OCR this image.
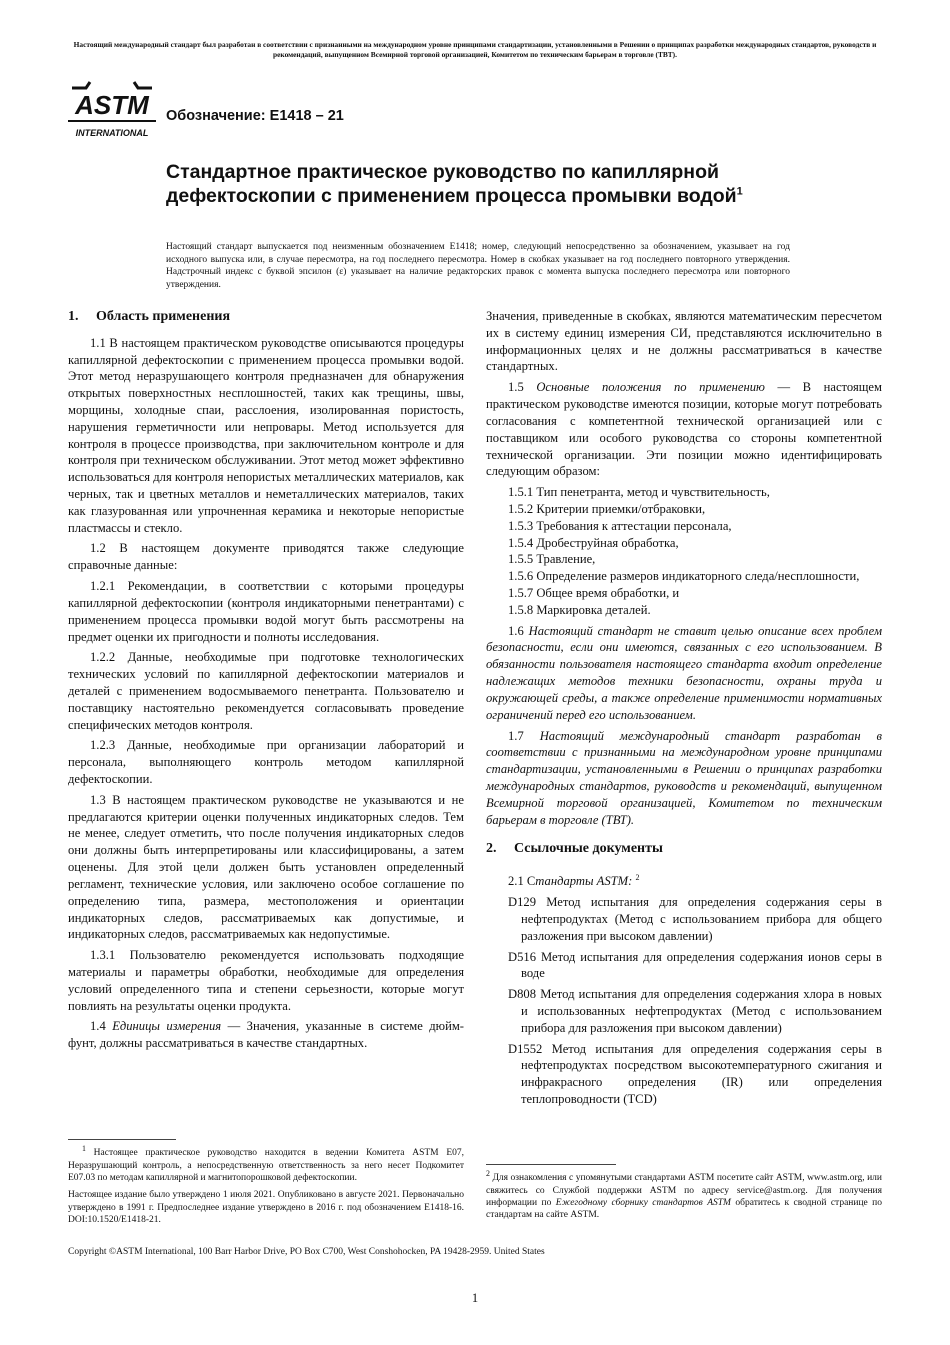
Настоящий международный стандарт был разработан в соответствии с признанными на международном уровне принципами стандартизации, установленными в Решении о принципах разработки международных стандартов, руководств и рекомендаций, выпущенном Всемирной торговой организацией, Комитетом по техническим барьерам в торговле (ТВТ).
ASTM
INTERNATIONAL
Обозначение: E1418 – 21
Стандартное практическое руководство по капиллярной дефектоскопии с применением процесса промывки водой$^1$

Настоящий стандарт выпускается под неизменным обозначением E1418; номер, следующий непосредственно за обозначением, указывает на год исходного выпуска или, в случае пересмотра, на год последнего пересмотра. Номер в скобках указывает на год последнего повторного утверждения. Надстрочный индекс с буквой эпсилон (ε) указывает на наличие редакторских правок с момента выпуска последнего пересмотра или повторного утверждения.

1. Область применения

1.1 В настоящем практическом руководстве описываются процедуры капиллярной дефектоскопии с применением процесса промывки водой. Этот метод неразрушающего контроля предназначен для обнаружения открытых поверхностных несплошностей, таких как трещины, швы, морщины, холодные спаи, расслоения, изолированная пористость, нарушения герметичности или непровары. Метод используется для контроля в процессе производства, при заключительном контроле и для контроля при техническом обслуживании. Этот метод может эффективно использоваться для контроля непористых металлических материалов, как черных, так и цветных металлов и неметаллических материалов, таких как глазурованная или упрочненная керамика и некоторые непористые пластмассы и стекло.

1.2 В настоящем документе приводятся также следующие справочные данные:

1.2.1 Рекомендации, в соответствии с которыми процедуры капиллярной дефектоскопии (контроля индикаторными пенетрантами) с применением процесса промывки водой могут быть рассмотрены на предмет оценки их пригодности и полноты исследования.

1.2.2 Данные, необходимые при подготовке технологических технических условий по капиллярной дефектоскопии материалов и деталей с применением водосмываемого пенетранта. Пользователю и поставщику настоятельно рекомендуется согласовывать проведение специфических методов контроля.

1.2.3 Данные, необходимые при организации лабораторий и персонала, выполняющего контроль методом капиллярной дефектоскопии.

1.3 В настоящем практическом руководстве не указываются и не предлагаются критерии оценки полученных индикаторных следов. Тем не менее, следует отметить, что после получения индикаторных следов они должны быть интерпретированы или классифицированы, а затем оценены. Для этой цели должен быть установлен определенный регламент, технические условия, или заключено особое соглашение по определению типа, размера, местоположения и ориентации индикаторных следов, рассматриваемых как допустимые, и индикаторных следов, рассматриваемых как недопустимые.

1.3.1 Пользователю рекомендуется использовать подходящие материалы и параметры обработки, необходимые для определения условий определенного типа и степени серьезности, которые могут повлиять на результаты оценки продукта.

1.4 Единицы измерения — Значения, указанные в системе дюйм-фунт, должны рассматриваться в качестве стандартных.

Значения, приведенные в скобках, являются математическим пересчетом их в систему единиц измерения СИ, представляются исключительно в информационных целях и не должны рассматриваться в качестве стандартных.

1.5 Основные положения по применению — В настоящем практическом руководстве имеются позиции, которые могут потребовать согласования с компетентной технической организацией или с поставщиком или особого руководства со стороны компетентной технической организации. Эти позиции можно идентифицировать следующим образом:

1.5.1 Тип пенетранта, метод и чувствительность,

1.5.2 Критерии приемки/отбраковки,

1.5.3 Требования к аттестации персонала,

1.5.4 Дробеструйная обработка,

1.5.5 Травление,

1.5.6 Определение размеров индикаторного следа/несплошности,

1.5.7 Общее время обработки, и

1.5.8 Маркировка деталей.

1.6 Настоящий стандарт не ставит целью описание всех проблем безопасности, если они имеются, связанных с его использованием. В обязанности пользователя настоящего стандарта входит определение надлежащих методов техники безопасности, охраны труда и окружающей среды, а также определение применимости нормативных ограничений перед его использованием.

1.7 Настоящий международный стандарт разработан в соответствии с признанными на международном уровне принципами стандартизации, установленными в Решении о принципах разработки международных стандартов, руководств и рекомендаций, выпущенном Всемирной торговой организацией, Комитетом по техническим барьерам в торговле (ТВТ).

2. Ссылочные документы

2.1 Стандарты ASTM: $^2$

D129 Метод испытания для определения содержания серы в нефтепродуктах (Метод с использованием прибора для общего разложения при высоком давлении)

D516 Метод испытания для определения содержания ионов серы в воде

D808 Метод испытания для определения содержания хлора в новых и использованных нефтепродуктах (Метод с использованием прибора для разложения при высоком давлении)

D1552 Метод испытания для определения содержания серы в нефтепродуктах посредством высокотемпературного сжигания и инфракрасного определения (IR) или определения теплопроводности (TCD)

$^1$ Настоящее практическое руководство находится в ведении Комитета ASTM E07, Неразрушающий контроль, а непосредственную ответственность за него несет Подкомитет E07.03 по методам капиллярной и магнитопорошковой дефектоскопии.

Настоящее издание было утверждено 1 июля 2021. Опубликовано в августе 2021. Первоначально утверждено в 1991 г. Предпоследнее издание утверждено в 2016 г. под обозначением E1418-16. DOI:10.1520/E1418-21.

$^2$ Для ознакомления с упомянутыми стандартами ASTM посетите сайт ASTM, www.astm.org, или свяжитесь со Службой поддержки ASTM по адресу service@astm.org. Для получения информации по Ежегодному сборнику стандартов ASTM обратитесь к сводной странице по стандартам на сайте ASTM.

Copyright ©ASTM International, 100 Barr Harbor Drive, PO Box C700, West Conshohocken, PA 19428-2959. United States
1
